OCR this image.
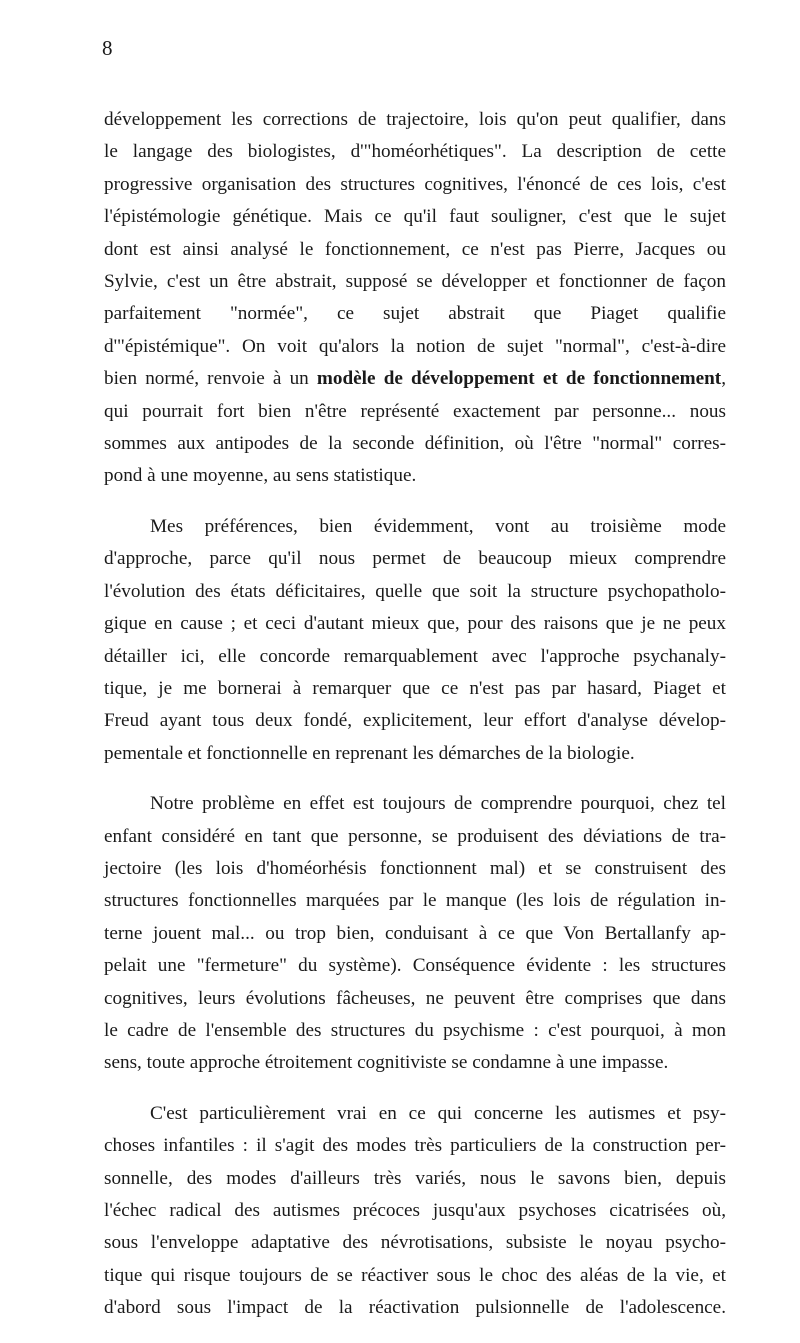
8
développement les corrections de trajectoire, lois qu'on peut qualifier, dans
le langage des biologistes, d'"homéorhétiques". La description de cette
progressive organisation des structures cognitives, l'énoncé de ces lois, c'est
l'épistémologie génétique. Mais ce qu'il faut souligner, c'est que le sujet
dont est ainsi analysé le fonctionnement, ce n'est pas Pierre, Jacques ou
Sylvie, c'est un être abstrait, supposé se développer et fonctionner de façon
parfaitement "normée", ce sujet abstrait que Piaget qualifie
d'"épistémique". On voit qu'alors la notion de sujet "normal", c'est-à-dire
bien normé, renvoie à un modèle de développement et de fonctionnement,
qui pourrait fort bien n'être représenté exactement par personne... nous
sommes aux antipodes de la seconde définition, où l'être "normal" corres-
pond à une moyenne, au sens statistique.
Mes préférences, bien évidemment, vont au troisième mode
d'approche, parce qu'il nous permet de beaucoup mieux comprendre
l'évolution des états déficitaires, quelle que soit la structure psychopatholo-
gique en cause ; et ceci d'autant mieux que, pour des raisons que je ne peux
détailler ici, elle concorde remarquablement avec l'approche psychanaly-
tique, je me bornerai à remarquer que ce n'est pas par hasard, Piaget et
Freud ayant tous deux fondé, explicitement, leur effort d'analyse dévelop-
pementale et fonctionnelle en reprenant les démarches de la biologie.
Notre problème en effet est toujours de comprendre pourquoi, chez tel
enfant considéré en tant que personne, se produisent des déviations de tra-
jectoire (les lois d'homéorhésis fonctionnent mal) et se construisent des
structures fonctionnelles marquées par le manque (les lois de régulation in-
terne jouent mal... ou trop bien, conduisant à ce que Von Bertallanfy ap-
pelait une "fermeture" du système). Conséquence évidente : les structures
cognitives, leurs évolutions fâcheuses, ne peuvent être comprises que dans
le cadre de l'ensemble des structures du psychisme : c'est pourquoi, à mon
sens, toute approche étroitement cognitiviste se condamne à une impasse.
C'est particulièrement vrai en ce qui concerne les autismes et psy-
choses infantiles : il s'agit des modes très particuliers de la construction per-
sonnelle, des modes d'ailleurs très variés, nous le savons bien, depuis
l'échec radical des autismes précoces jusqu'aux psychoses cicatrisées où,
sous l'enveloppe adaptative des névrotisations, subsiste le noyau psycho-
tique qui risque toujours de se réactiver sous le choc des aléas de la vie, et
d'abord sous l'impact de la réactivation pulsionnelle de l'adolescence.
